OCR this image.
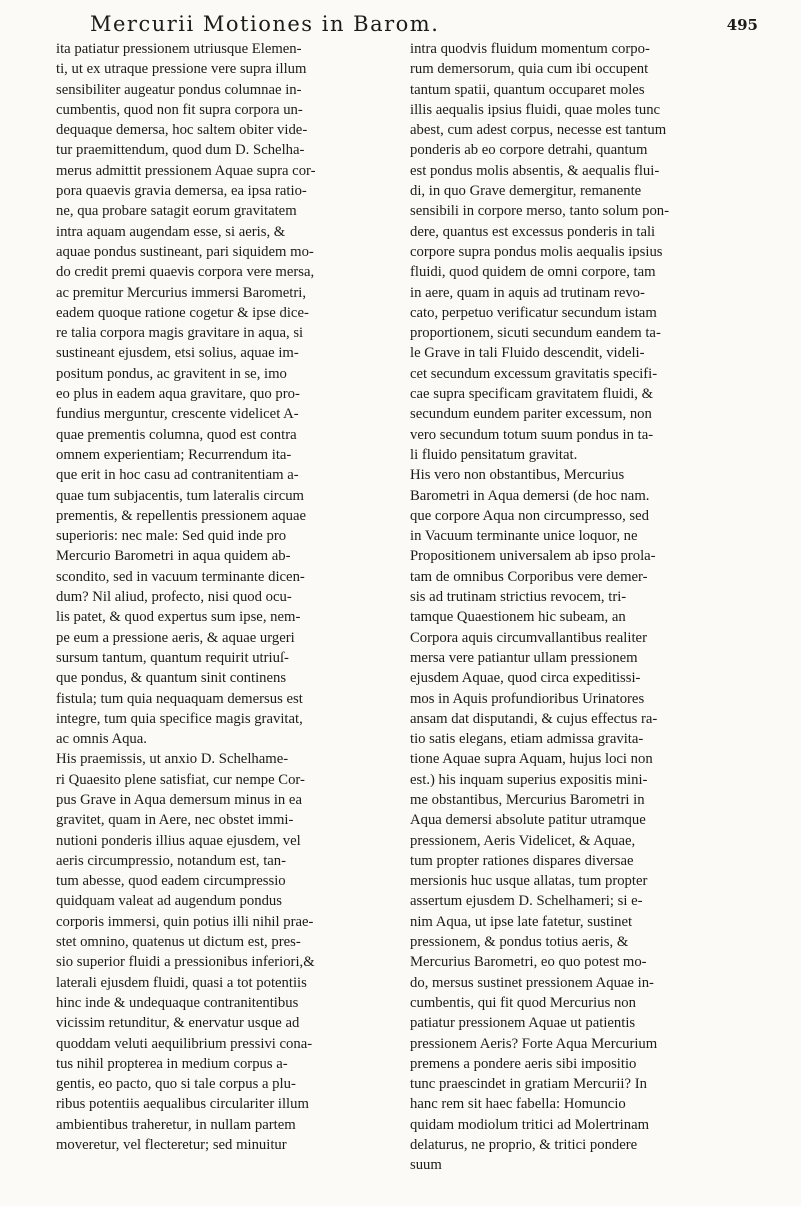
Mercurii Motiones in Barom.	495
ita patiatur pressionem utriusque Elemen-
ti, ut ex utraque pressione vere supra illum
sensibiliter augeatur pondus columnae in-
cumbentis, quod non fit supra corpora un-
dequaque demersa, hoc saltem obiter vide-
tur praemittendum, quod dum D. Schelha-
merus admittit pressionem Aquae supra cor-
pora quaevis gravia demersa, ea ipsa ratio-
ne, qua probare satagit eorum gravitatem
intra aquam augendam esse, si aeris, &
aquae pondus sustineant, pari siquidem mo-
do credit premi quaevis corpora vere mersa,
ac premitur Mercurius immersi Barometri,
eadem quoque ratione cogetur & ipse dice-
re talia corpora magis gravitare in aqua, si
sustineant ejusdem, etsi solius, aquae im-
positum pondus, ac gravitent in se, imo
eo plus in eadem aqua gravitare, quo pro-
fundius merguntur, crescente videlicet A-
quae prementis columna, quod est contra
omnem experientiam; Recurrendum ita-
que erit in hoc casu ad contranitentiam a-
quae tum subjacentis, tum lateralis circum
prementis, & repellentis pressionem aquae
superioris: nec male: Sed quid inde pro
Mercurio Barometri in aqua quidem ab-
scondito, sed in vacuum terminante dicen-
dum? Nil aliud, profecto, nisi quod ocu-
lis patet, & quod expertus sum ipse, nem-
pe eum a pressione aeris, & aquae urgeri
sursum tantum, quantum requirit utriuſ-
que pondus, & quantum sinit continens
fistula; tum quia nequaquam demersus est
integre, tum quia specifice magis gravitat,
ac omnis Aqua.
His praemissis, ut anxio D. Schelhame-
ri Quaesito plene satisfiat, cur nempe Cor-
pus Grave in Aqua demersum minus in ea
gravitet, quam in Aere, nec obstet immi-
nutioni ponderis illius aquae ejusdem, vel
aeris circumpressio, notandum est, tan-
tum abesse, quod eadem circumpressio
quidquam valeat ad augendum pondus
corporis immersi, quin potius illi nihil prae-
stet omnino, quatenus ut dictum est, pres-
sio superior fluidi a pressionibus inferiori,&
laterali ejusdem fluidi, quasi a tot potentiis
hinc inde & undequaque contranitentibus
vicissim retunditur, & enervatur usque ad
quoddam veluti aequilibrium pressivi cona-
tus nihil propterea in medium corpus a-
gentis, eo pacto, quo si tale corpus a plu-
ribus potentiis aequalibus circulariter illum
ambientibus traheretur, in nullam partem
moveretur, vel flecteretur; sed minuitur
intra quodvis fluidum momentum corpo-
rum demersorum, quia cum ibi occupent
tantum spatii, quantum occuparet moles
illis aequalis ipsius fluidi, quae moles tunc
abest, cum adest corpus, necesse est tantum
ponderis ab eo corpore detrahi, quantum
est pondus molis absentis, & aequalis flui-
di, in quo Grave demergitur, remanente
sensibili in corpore merso, tanto solum pon-
dere, quantus est excessus ponderis in tali
corpore supra pondus molis aequalis ipsius
fluidi, quod quidem de omni corpore, tam
in aere, quam in aquis ad trutinam revo-
cato, perpetuo verificatur secundum istam
proportionem, sicuti secundum eandem ta-
le Grave in tali Fluido descendit, videli-
cet secundum excessum gravitatis specifi-
cae supra specificam gravitatem fluidi, &
secundum eundem pariter excessum, non
vero secundum totum suum pondus in ta-
li fluido pensitatum gravitat.
His vero non obstantibus, Mercurius
Barometri in Aqua demersi (de hoc nam.
que corpore Aqua non circumpresso, sed
in Vacuum terminante unice loquor, ne
Propositionem universalem ab ipso prola-
tam de omnibus Corporibus vere demer-
sis ad trutinam strictius revocem, tri-
tamque Quaestionem hic subeam, an
Corpora aquis circumvallantibus realiter
mersa vere patiantur ullam pressionem
ejusdem Aquae, quod circa expeditissi-
mos in Aquis profundioribus Urinatores
ansam dat disputandi, & cujus effectus ra-
tio satis elegans, etiam admissa gravita-
tione Aquae supra Aquam, hujus loci non
est.) his inquam superius expositis mini-
me obstantibus, Mercurius Barometri in
Aqua demersi absolute patitur utramque
pressionem, Aeris Videlicet, & Aquae,
tum propter rationes dispares diversae
mersionis huc usque allatas, tum propter
assertum ejusdem D. Schelhameri; si e-
nim Aqua, ut ipse late fatetur, sustinet
pressionem, & pondus totius aeris, &
Mercurius Barometri, eo quo potest mo-
do, mersus sustinet pressionem Aquae in-
cumbentis, qui fit quod Mercurius non
patiatur pressionem Aquae ut patientis
pressionem Aeris? Forte Aqua Mercurium
premens a pondere aeris sibi impositio
tunc praescindet in gratiam Mercurii? In
hanc rem sit haec fabella: Homuncio
quidam modiolum tritici ad Molertrinam
delaturus, ne proprio, & tritici pondere
suum
